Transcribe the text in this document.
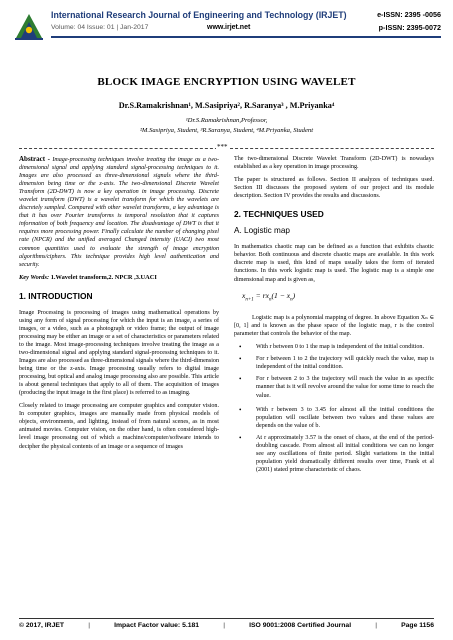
International Research Journal of Engineering and Technology (IRJET)	e-ISSN: 2395 -0056
Volume: 04 Issue: 01 | Jan-2017	www.irjet.net	p-ISSN: 2395-0072
BLOCK IMAGE ENCRYPTION USING WAVELET
Dr.S.Ramakrishnan¹, M.Sasipriya², R.Saranya³ , M.Priyanka⁴
¹Dr.S.Ramakrishnan,Professor,
²M.Sasipriya, Student, ³R.Saranya, Student, ⁴M.Priyanka, Student
***

Abstract - Image-processing techniques involve treating the image as a two-dimensional signal and applying standard signal-processing techniques to it. Images are also processed as three-dimensional signals where the third-dimension being time or the z-axis. The two-dimensional Discrete Wavelet Transform (2D-DWT) is now a key operation in image processing. Discrete wavelet transform (DWT) is a wavelet transform for which the wavelets are discretely sampled. Compared with other wavelet transforms, a key advantage is that it has over Fourier transforms is temporal resolution that it captures information of both frequency and location. The disadvantage of DWT is that it requires more processing power. Finally calculate the number of changing pixel rate (NPCR) and the unified averaged Changed intensity (UACI) two most common quantities used to evaluate the strength of image encryption algorithms/ciphers. This technique provides high level authentication and security.

Key Words: 1.Wavelet transform,2. NPCR ,3.UACI

1. INTRODUCTION

Image Processing is processing of images using mathematical operations by using any form of signal processing for which the input is an image, a series of images, or a video, such as a photograph or video frame; the output of image processing may be either an image or a set of characteristics or parameters related to the image. Most image-processing techniques involve treating the image as a two-dimensional signal and applying standard signal-processing techniques to it. Images are also processed as three-dimensional signals where the third-dimension being time or the z-axis. Image processing usually refers to digital image processing, but optical and analog image processing also are possible. This article is about general techniques that apply to all of them. The acquisition of images (producing the input image in the first place) is referred to as imaging.

Closely related to image processing are computer graphics and computer vision. In computer graphics, images are manually made from physical models of objects, environments, and lighting, instead of from natural scenes, as in most animated movies. Computer vision, on the other hand, is often considered high-level image processing out of which a machine/computer/software intends to decipher the physical contents of an image or a sequence of images

The two-dimensional Discrete Wavelet Transform (2D-DWT) is nowadays established as a key operation in image processing.

The paper is structured as follows. Section II analyzes of techniques used. Section III discusses the proposed system of our project and its module description. Section IV provides the results and discussions.

2. TECHNIQUES USED
A. Logistic map

In mathematics chaotic map can be defined as a function that exhibits chaotic behavior. Both continuous and discrete chaotic maps are available. In this work discrete map is used, this kind of maps usually takes the form of iterated functions. In this work logistic map is used. The logistic map is a simple one dimensional map and is given as,

$x_{n+1} = rx_n(1 - x_n)$

Logistic map is a polynomial mapping of degree. In above Equation Xₙ ∈ [0, 1] and is known as the phase space of the logistic map, r is the control parameter that controls the behavior of the map.

• With r between 0 to 1 the map is independent of the initial condition.
• For r between 1 to 2 the trajectory will quickly reach the value, map is independent of the initial condition.
• For r between 2 to 3 the trajectory will reach the value in as specific manner that is it will revolve around the value for some time to reach the value.
• With r between 3 to 3.45 for almost all the initial conditions the population will oscillate between two values and these values are depends on the value of b.
• At r approximately 3.57 is the onset of chaos, at the end of the period-doubling cascade. From almost all initial conditions we can no longer see any oscillations of finite period. Slight variations in the initial population yield dramatically different results over time, Frank et al (2001) stated prime characteristic of chaos.
© 2017, IRJET	|	Impact Factor value: 5.181	|	ISO 9001:2008 Certified Journal	|	Page 1156
